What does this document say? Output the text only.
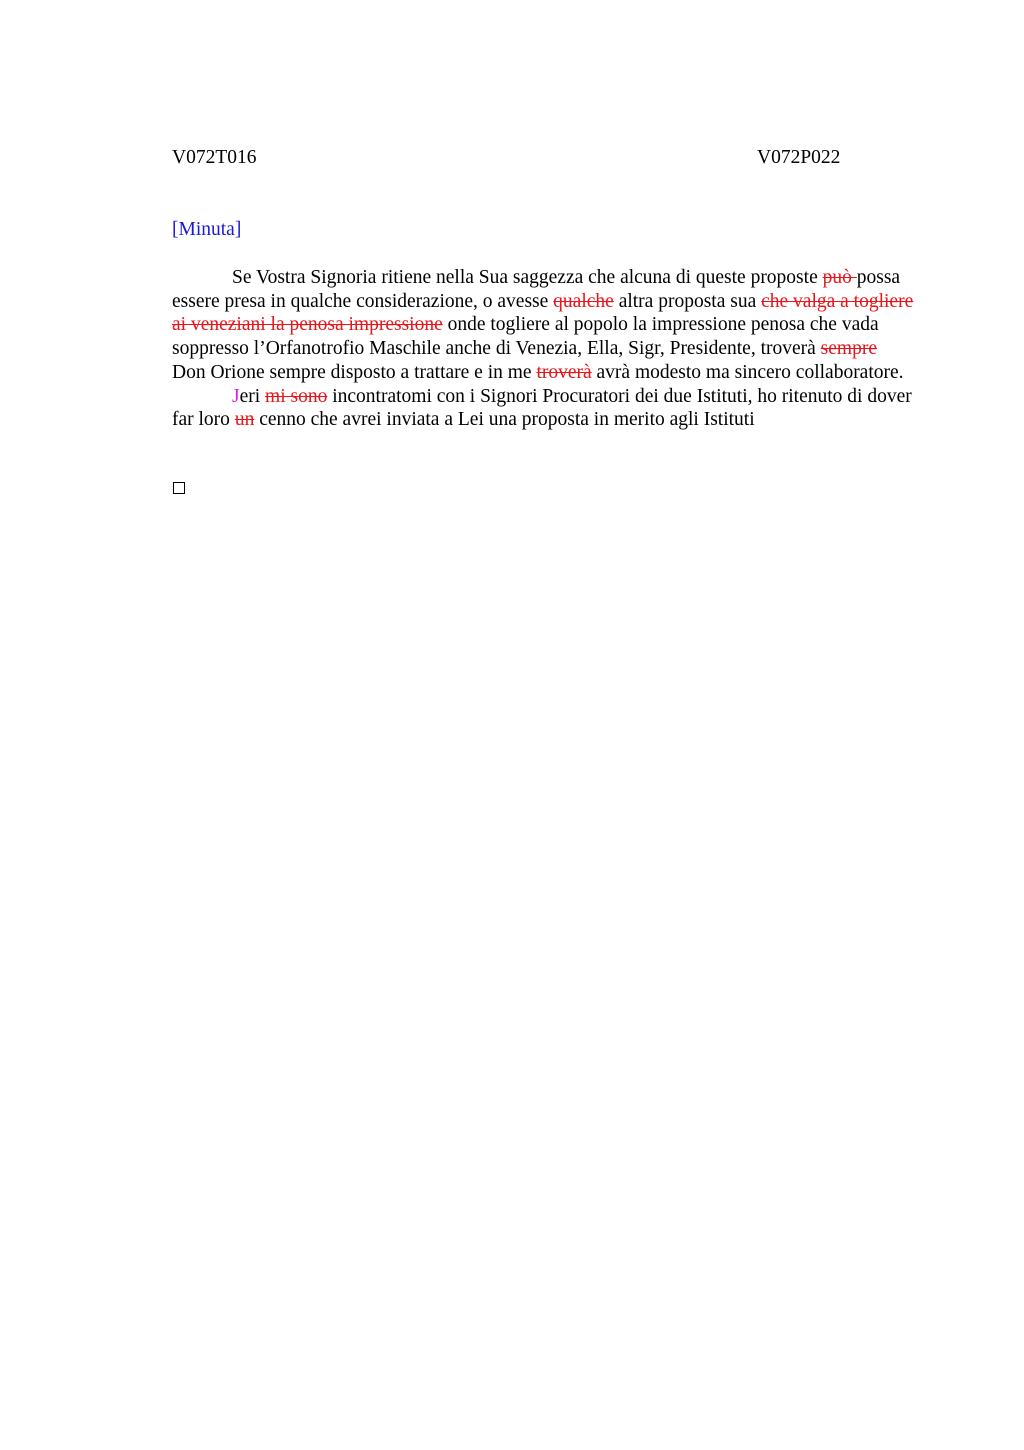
V072T016	V072P022
[Minuta]

Se Vostra Signoria ritiene nella Sua saggezza che alcuna di queste proposte può possa essere presa in qualche considerazione, o avesse qualche altra proposta sua che valga a togliere ai veneziani la penosa impressione onde togliere al popolo la impressione penosa che vada soppresso l’Orfanotrofio Maschile anche di Venezia, Ella, Sigr, Presidente, troverà sempre Don Orione sempre disposto a trattare e in me troverà avrà modesto ma sincero collaboratore.

Jeri mi sono incontratomi con i Signori Procuratori dei due Istituti, ho ritenuto di dover far loro un cenno che avrei inviata a Lei una proposta in merito agli Istituti
